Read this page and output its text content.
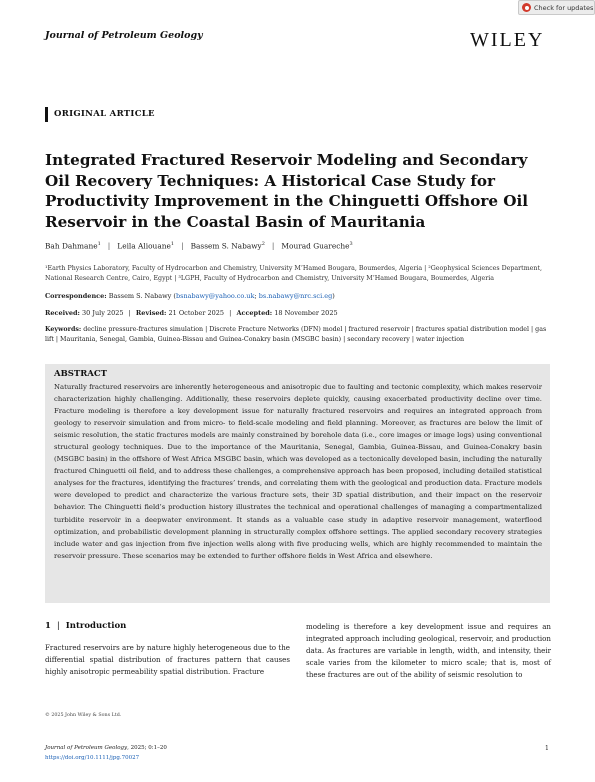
Check for updates
Journal of Petroleum Geology	WILEY
ORIGINAL ARTICLE
Integrated Fractured Reservoir Modeling and Secondary Oil Recovery Techniques: A Historical Case Study for Productivity Improvement in the Chinguetti Offshore Oil Reservoir in the Coastal Basin of Mauritania
Bah Dahmane$^1$ | Leila Aliouane$^1$ | Bassem S. Nabawy$^2$ | Mourad Guareche$^3$
¹Earth Physics Laboratory, Faculty of Hydrocarbon and Chemistry, University M’Hamed Bougara, Boumerdes, Algeria | ²Geophysical Sciences Department, National Research Centre, Cairo, Egypt | ³LGPH, Faculty of Hydrocarbon and Chemistry, University M’Hamed Bougara, Boumerdes, Algeria
Correspondence: Bassem S. Nabawy (bsnabawy@yahoo.co.uk; bs.nabawy@nrc.sci.eg)
Received: 30 July 2025 | Revised: 21 October 2025 | Accepted: 18 November 2025
Keywords: decline pressure-fractures simulation | Discrete Fracture Networks (DFN) model | fractured reservoir | fractures spatial distribution model | gas lift | Mauritania, Senegal, Gambia, Guinea-Bissau and Guinea-Conakry basin (MSGBC basin) | secondary recovery | water injection
ABSTRACT
Naturally fractured reservoirs are inherently heterogeneous and anisotropic due to faulting and tectonic complexity, which makes reservoir characterization highly challenging. Additionally, these reservoirs deplete quickly, causing exacerbated productivity decline over time. Fracture modeling is therefore a key development issue for naturally fractured reservoirs and requires an integrated approach from geology to reservoir simulation and from micro- to field-scale modeling and field planning. Moreover, as fractures are below the limit of seismic resolution, the static fractures models are mainly constrained by borehole data (i.e., core images or image logs) using conventional structural geology techniques. Due to the importance of the Mauritania, Senegal, Gambia, Guinea-Bissau, and Guinea-Conakry basin (MSGBC basin) in the offshore of West Africa MSGBC basin, which was developed as a tectonically developed basin, including the naturally fractured Chinguetti oil field, and to address these challenges, a comprehensive approach has been proposed, including detailed statistical analyses for the fractures, identifying the fractures’ trends, and correlating them with the geological and production data. Fracture models were developed to predict and characterize the various fracture sets, their 3D spatial distribution, and their impact on the reservoir behavior. The Chinguetti field’s production history illustrates the technical and operational challenges of managing a compartmentalized turbidite reservoir in a deepwater environment. It stands as a valuable case study in adaptive reservoir management, waterflood optimization, and probabilistic development planning in structurally complex offshore settings. The applied secondary recovery strategies include water and gas injection from five injection wells along with five producing wells, which are highly recommended to maintain the reservoir pressure. These scenarios may be extended to further offshore fields in West Africa and elsewhere.
1 | Introduction
Fractured reservoirs are by nature highly heterogeneous due to the differential spatial distribution of fractures pattern that causes highly anisotropic permeability spatial distribution. Fracture
modeling is therefore a key development issue and requires an integrated approach including geological, reservoir, and production data. As fractures are variable in length, width, and intensity, their scale varies from the kilometer to micro scale; that is, most of these fractures are out of the ability of seismic resolution to
© 2025 John Wiley & Sons Ltd.
Journal of Petroleum Geology, 2025; 0:1–20
https://doi.org/10.1111/jpg.70027
1
